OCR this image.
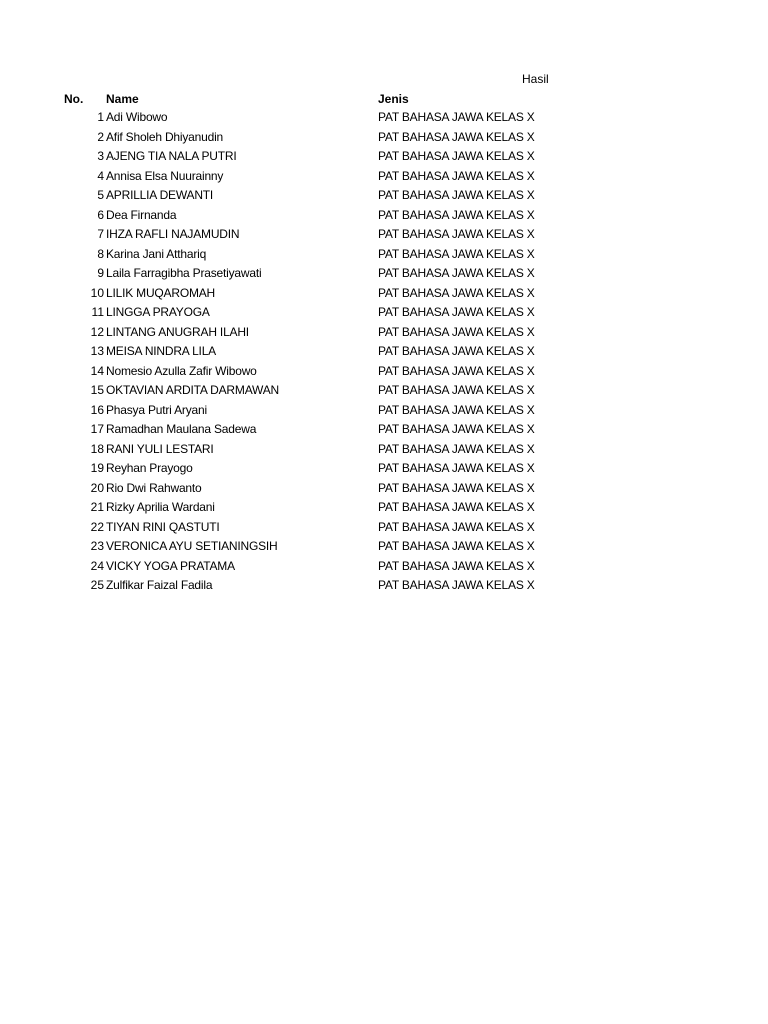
Hasil
No. Name	Jenis
1 Adi Wibowo	PAT BAHASA JAWA KELAS X
2 Afif Sholeh Dhiyanudin	PAT BAHASA JAWA KELAS X
3 AJENG TIA NALA PUTRI	PAT BAHASA JAWA KELAS X
4 Annisa Elsa Nuurainny	PAT BAHASA JAWA KELAS X
5 APRILLIA DEWANTI	PAT BAHASA JAWA KELAS X
6 Dea Firnanda	PAT BAHASA JAWA KELAS X
7 IHZA RAFLI NAJAMUDIN	PAT BAHASA JAWA KELAS X
8 Karina Jani Atthariq	PAT BAHASA JAWA KELAS X
9 Laila Farragibha Prasetiyawati	PAT BAHASA JAWA KELAS X
10 LILIK MUQAROMAH	PAT BAHASA JAWA KELAS X
11 LINGGA PRAYOGA	PAT BAHASA JAWA KELAS X
12 LINTANG ANUGRAH ILAHI	PAT BAHASA JAWA KELAS X
13 MEISA NINDRA LILA	PAT BAHASA JAWA KELAS X
14 Nomesio Azulla Zafir Wibowo	PAT BAHASA JAWA KELAS X
15 OKTAVIAN ARDITA DARMAWAN	PAT BAHASA JAWA KELAS X
16 Phasya Putri Aryani	PAT BAHASA JAWA KELAS X
17 Ramadhan Maulana Sadewa	PAT BAHASA JAWA KELAS X
18 RANI YULI LESTARI	PAT BAHASA JAWA KELAS X
19 Reyhan Prayogo	PAT BAHASA JAWA KELAS X
20 Rio Dwi Rahwanto	PAT BAHASA JAWA KELAS X
21 Rizky Aprilia Wardani	PAT BAHASA JAWA KELAS X
22 TIYAN RINI QASTUTI	PAT BAHASA JAWA KELAS X
23 VERONICA AYU SETIANINGSIH	PAT BAHASA JAWA KELAS X
24 VICKY YOGA PRATAMA	PAT BAHASA JAWA KELAS X
25 Zulfikar Faizal Fadila	PAT BAHASA JAWA KELAS X
